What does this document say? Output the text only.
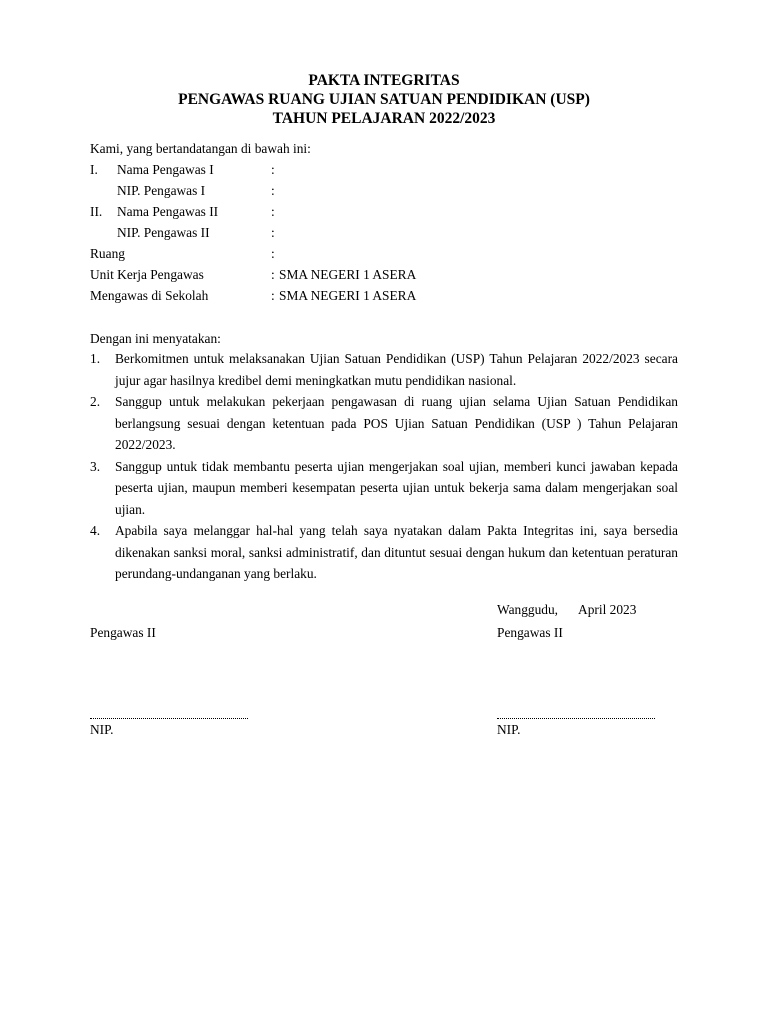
PAKTA INTEGRITAS
PENGAWAS RUANG UJIAN SATUAN PENDIDIKAN (USP)
TAHUN PELAJARAN 2022/2023
Kami, yang bertandatangan di bawah ini:
I. Nama Pengawas I	:
NIP. Pengawas I	:
II. Nama Pengawas II	:
NIP. Pengawas II	:
Ruang	:
Unit Kerja Pengawas	: SMA NEGERI 1 ASERA
Mengawas di Sekolah	: SMA NEGERI 1 ASERA
Dengan ini menyatakan:
1. Berkomitmen untuk melaksanakan Ujian Satuan Pendidikan (USP) Tahun Pelajaran 2022/2023 secara jujur agar hasilnya kredibel demi meningkatkan mutu pendidikan nasional.
2. Sanggup untuk melakukan pekerjaan pengawasan di ruang ujian selama Ujian Satuan Pendidikan berlangsung sesuai dengan ketentuan pada POS Ujian Satuan Pendidikan (USP ) Tahun Pelajaran 2022/2023.
3. Sanggup untuk tidak membantu peserta ujian mengerjakan soal ujian, memberi kunci jawaban kepada peserta ujian, maupun memberi kesempatan peserta ujian untuk bekerja sama dalam mengerjakan soal ujian.
4. Apabila saya melanggar hal-hal yang telah saya nyatakan dalam Pakta Integritas ini, saya bersedia dikenakan sanksi moral, sanksi administratif, dan dituntut sesuai dengan hukum dan ketentuan peraturan perundang-undanganan yang berlaku.
Wanggudu, April 2023
Pengawas II	Pengawas II
NIP.	NIP.
